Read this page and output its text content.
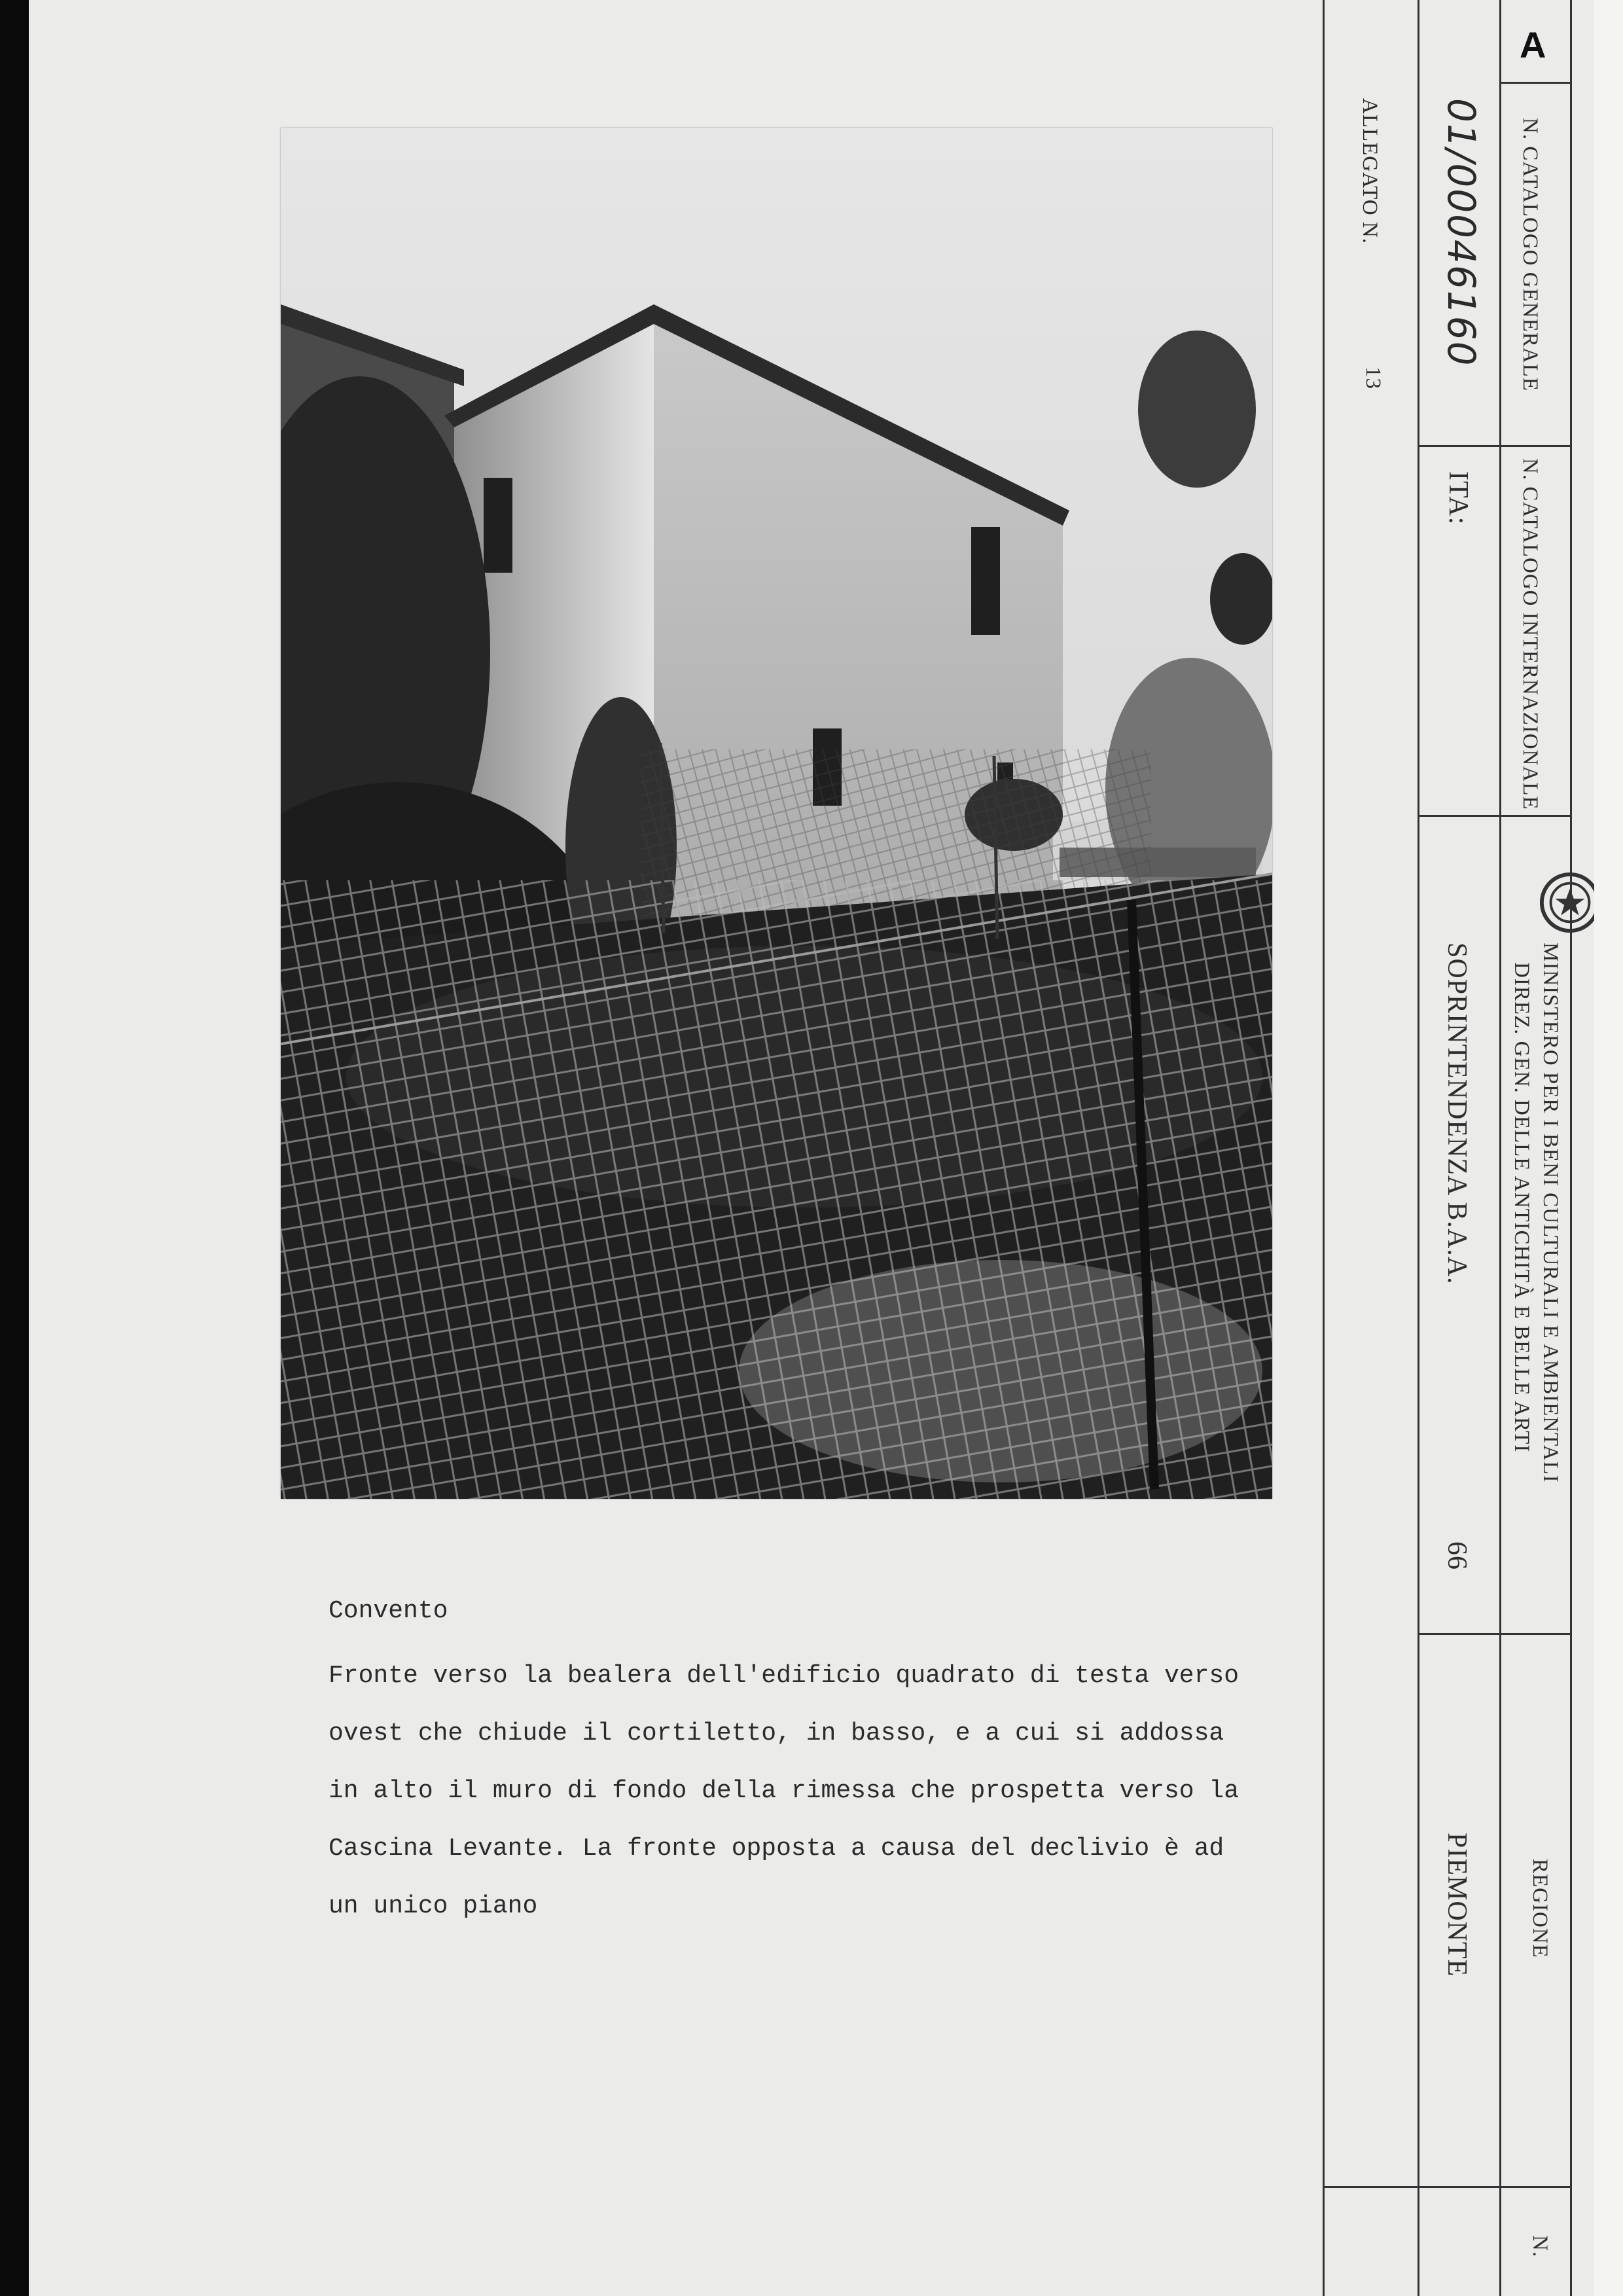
Convento

Fronte verso la bealera dell'edificio quadrato di testa verso ovest che chiude il cortiletto, in basso, e a cui si addossa in alto il muro di fondo della rimessa che prospetta verso la Cascina Levante. La fronte opposta a causa del declivio è ad un unico piano

A
N. CATALOGO GENERALE
01/00046160
ALLEGATO N.
13
N. CATALOGO INTERNAZIONALE
ITA:
MINISTERO PER I BENI CULTURALI E AMBIENTALI
DIREZ. GEN. DELLE ANTICHITÀ E BELLE ARTI
SOPRINTENDENZA B.A.A.
66
REGIONE
PIEMONTE
N.
